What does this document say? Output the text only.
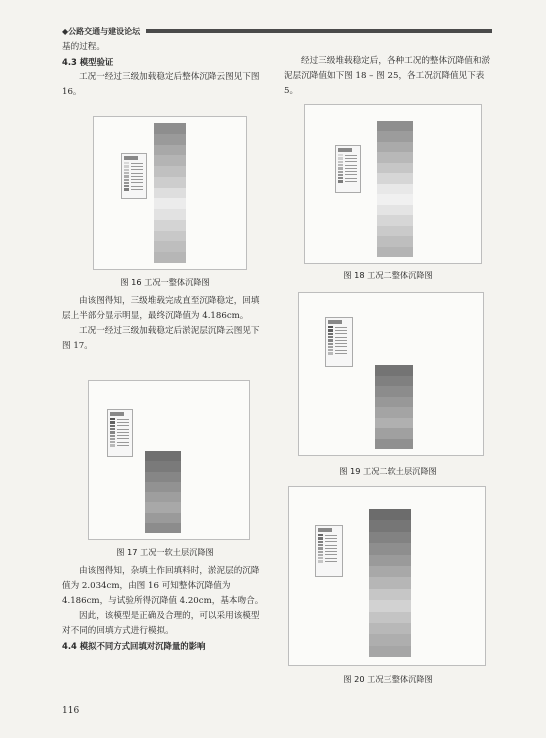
◆公路交通与建设论坛

基的过程。

4.3 模型验证

工况一经过三级加载稳定后整体沉降云图见下图 16。

图 16 工况一整体沉降图

由该图得知，三级堆载完成直至沉降稳定，回填层上半部分显示明显，最终沉降值为 4.186cm。

工况一经过三级加载稳定后淤泥层沉降云图见下图 17。

图 17 工况一软土层沉降图

由该图得知，杂填土作回填料时，淤泥层的沉降值为 2.034cm，由图 16 可知整体沉降值为 4.186cm，与试验所得沉降值 4.20cm，基本吻合。

因此，该模型是正确及合理的，可以采用该模型对不同的回填方式进行模拟。

4.4 模拟不同方式回填对沉降量的影响

116

经过三级堆载稳定后，各种工况的整体沉降值和淤泥层沉降值如下图 18 – 图 25，各工况沉降值见下表 5。

图 18 工况二整体沉降图
图 19 工况二软土层沉降图
图 20 工况三整体沉降图
